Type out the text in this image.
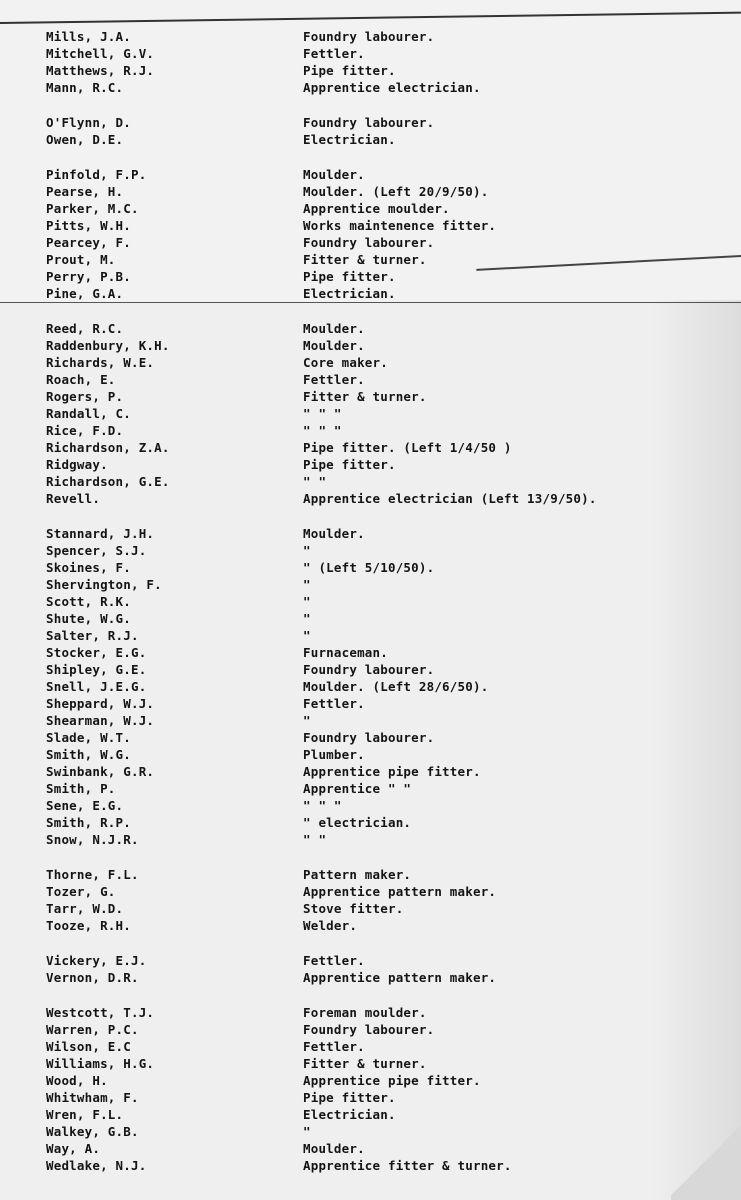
Mills, J.A.	Foundry labourer.
Mitchell, G.V.	Fettler.
Matthews, R.J.	Pipe fitter.
Mann, R.C.	Apprentice electrician.
O'Flynn, D.	Foundry labourer.
Owen, D.E.	Electrician.
Pinfold, F.P.	Moulder.
Pearse, H.	Moulder. (Left 20/9/50).
Parker, M.C.	Apprentice moulder.
Pitts, W.H.	Works maintenence fitter.
Pearcey, F.	Foundry labourer.
Prout, M.	Fitter & turner.
Perry, P.B.	Pipe fitter.
Pine, G.A.	Electrician.
Reed, R.C.	Moulder.
Raddenbury, K.H.	Moulder.
Richards, W.E.	Core maker.
Roach, E.	Fettler.
Rogers, P.	Fitter & turner.
Randall, C.	" " "
Rice, F.D.	" " "
Richardson, Z.A.	Pipe fitter. (Left 1/4/50 )
Ridgway.	Pipe fitter.
Richardson, G.E.	" "
Revell.	Apprentice electrician (Left 13/9/50).
Stannard, J.H.	Moulder.
Spencer, S.J.	"
Skoines, F.	" (Left 5/10/50).
Shervington, F.	"
Scott, R.K.	"
Shute, W.G.	"
Salter, R.J.	"
Stocker, E.G.	Furnaceman.
Shipley, G.E.	Foundry labourer.
Snell, J.E.G.	Moulder. (Left 28/6/50).
Sheppard, W.J.	Fettler.
Shearman, W.J.	"
Slade, W.T.	Foundry labourer.
Smith, W.G.	Plumber.
Swinbank, G.R.	Apprentice pipe fitter.
Smith, P.	Apprentice " "
Sene, E.G.	" " "
Smith, R.P.	" electrician.
Snow, N.J.R.	" "
Thorne, F.L.	Pattern maker.
Tozer, G.	Apprentice pattern maker.
Tarr, W.D.	Stove fitter.
Tooze, R.H.	Welder.
Vickery, E.J.	Fettler.
Vernon, D.R.	Apprentice pattern maker.
Westcott, T.J.	Foreman moulder.
Warren, P.C.	Foundry labourer.
Wilson, E.C	Fettler.
Williams, H.G.	Fitter & turner.
Wood, H.	Apprentice pipe fitter.
Whitwham, F.	Pipe fitter.
Wren, F.L.	Electrician.
Walkey, G.B.	"
Way, A.	Moulder.
Wedlake, N.J.	Apprentice fitter & turner.
